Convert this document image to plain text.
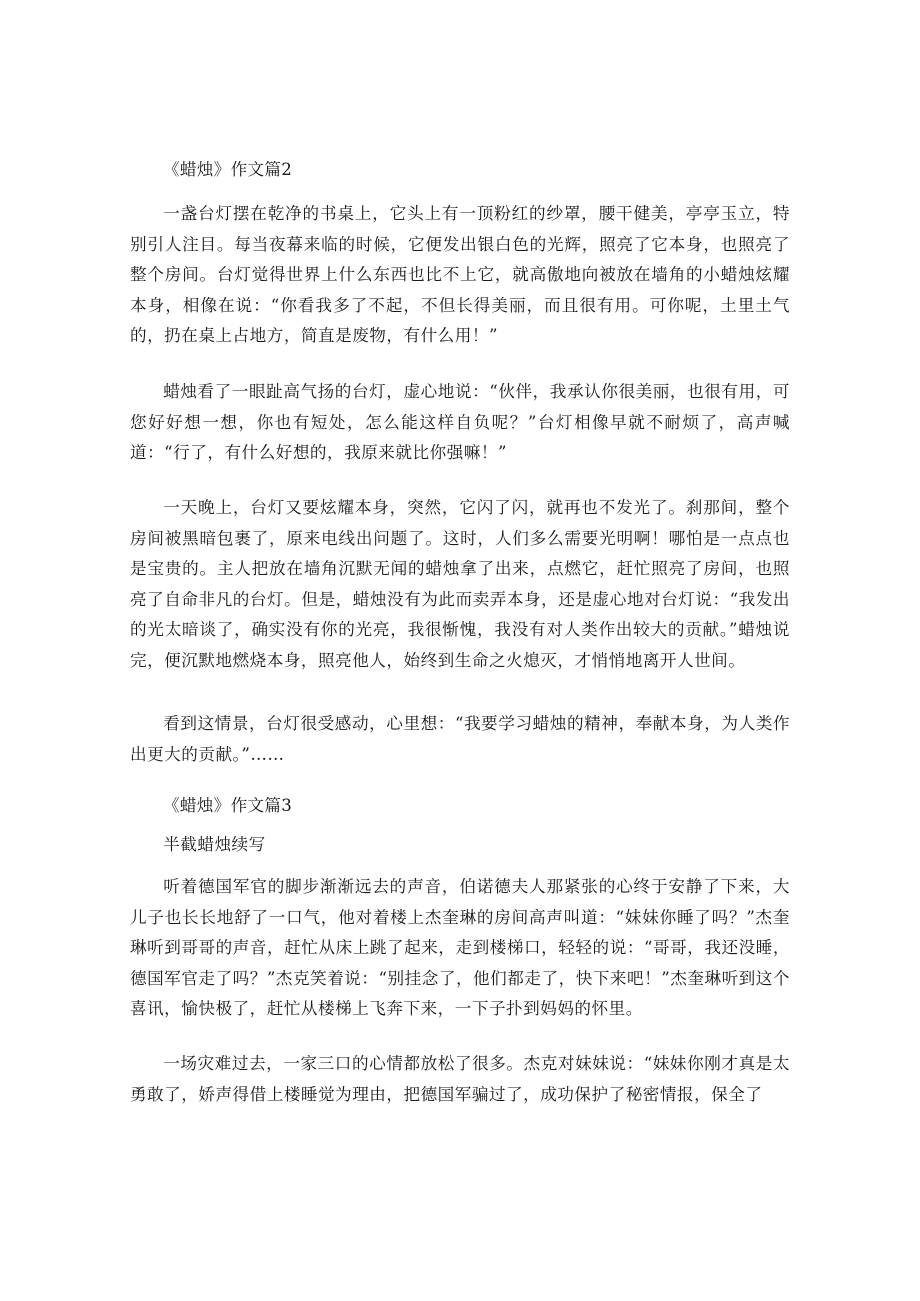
《蜡烛》作文篇2

一盏台灯摆在乾净的书桌上，它头上有一顶粉红的纱罩，腰干健美，亭亭玉立，特别引人注目。每当夜幕来临的时候，它便发出银白色的光辉，照亮了它本身，也照亮了整个房间。台灯觉得世界上什么东西也比不上它，就高傲地向被放在墙角的小蜡烛炫耀本身，相像在说：“你看我多了不起，不但长得美丽，而且很有用。可你呢，土里土气的，扔在桌上占地方，简直是废物，有什么用！”

蜡烛看了一眼趾高气扬的台灯，虚心地说：“伙伴，我承认你很美丽，也很有用，可您好好想一想，你也有短处，怎么能这样自负呢？”台灯相像早就不耐烦了，高声喊道：“行了，有什么好想的，我原来就比你强嘛！”

一天晚上，台灯又要炫耀本身，突然，它闪了闪，就再也不发光了。刹那间，整个房间被黑暗包裹了，原来电线出问题了。这时，人们多么需要光明啊！哪怕是一点点也是宝贵的。主人把放在墙角沉默无闻的蜡烛拿了出来，点燃它，赶忙照亮了房间，也照亮了自命非凡的台灯。但是，蜡烛没有为此而卖弄本身，还是虚心地对台灯说：“我发出的光太暗谈了，确实没有你的光亮，我很惭愧，我没有对人类作出较大的贡献。”蜡烛说完，便沉默地燃烧本身，照亮他人，始终到生命之火熄灭，才悄悄地离开人世间。

看到这情景，台灯很受感动，心里想：“我要学习蜡烛的精神，奉献本身，为人类作出更大的贡献。”……

《蜡烛》作文篇3

半截蜡烛续写

听着德国军官的脚步渐渐远去的声音，伯诺德夫人那紧张的心终于安静了下来，大儿子也长长地舒了一口气，他对着楼上杰奎琳的房间高声叫道：“妹妹你睡了吗？”杰奎琳听到哥哥的声音，赶忙从床上跳了起来，走到楼梯口，轻轻的说：“哥哥，我还没睡，德国军官走了吗？”杰克笑着说：“别挂念了，他们都走了，快下来吧！”杰奎琳听到这个喜讯，愉快极了，赶忙从楼梯上飞奔下来，一下子扑到妈妈的怀里。

一场灾难过去，一家三口的心情都放松了很多。杰克对妹妹说：“妹妹你刚才真是太勇敢了，娇声得借上楼睡觉为理由，把德国军骗过了，成功保护了秘密情报，保全了
